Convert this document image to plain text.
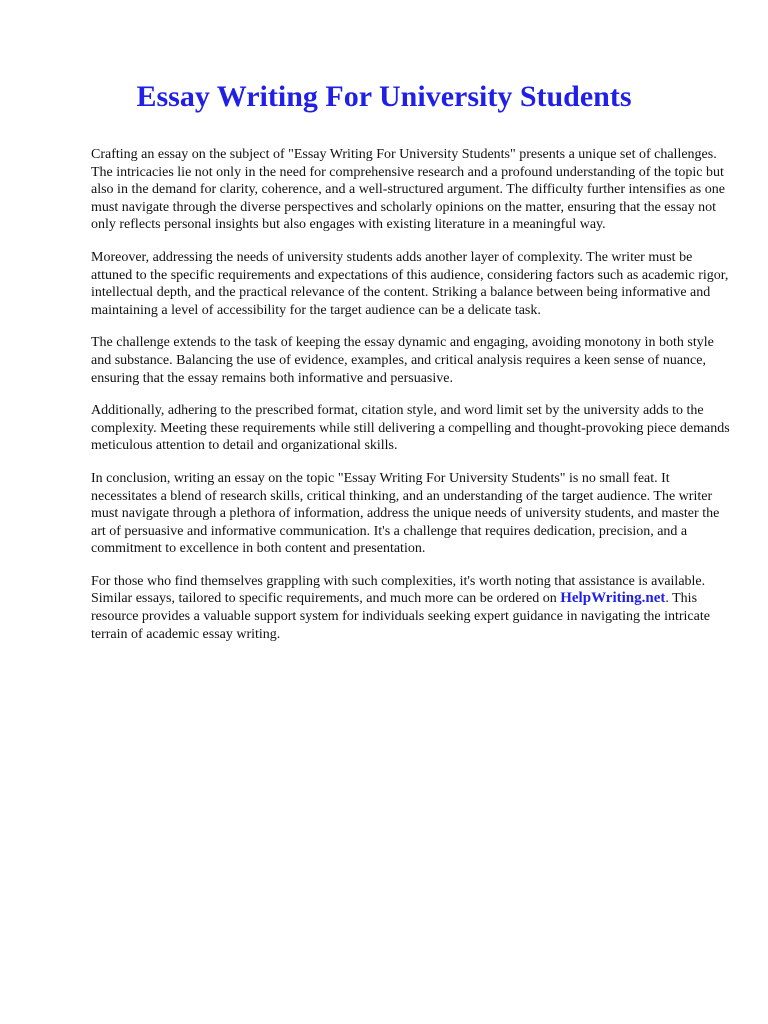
Essay Writing For University Students

Crafting an essay on the subject of "Essay Writing For University Students" presents a unique set of challenges. The intricacies lie not only in the need for comprehensive research and a profound understanding of the topic but also in the demand for clarity, coherence, and a well-structured argument. The difficulty further intensifies as one must navigate through the diverse perspectives and scholarly opinions on the matter, ensuring that the essay not only reflects personal insights but also engages with existing literature in a meaningful way.

Moreover, addressing the needs of university students adds another layer of complexity. The writer must be attuned to the specific requirements and expectations of this audience, considering factors such as academic rigor, intellectual depth, and the practical relevance of the content. Striking a balance between being informative and maintaining a level of accessibility for the target audience can be a delicate task.

The challenge extends to the task of keeping the essay dynamic and engaging, avoiding monotony in both style and substance. Balancing the use of evidence, examples, and critical analysis requires a keen sense of nuance, ensuring that the essay remains both informative and persuasive.

Additionally, adhering to the prescribed format, citation style, and word limit set by the university adds to the complexity. Meeting these requirements while still delivering a compelling and thought-provoking piece demands meticulous attention to detail and organizational skills.

In conclusion, writing an essay on the topic "Essay Writing For University Students" is no small feat. It necessitates a blend of research skills, critical thinking, and an understanding of the target audience. The writer must navigate through a plethora of information, address the unique needs of university students, and master the art of persuasive and informative communication. It's a challenge that requires dedication, precision, and a commitment to excellence in both content and presentation.

For those who find themselves grappling with such complexities, it's worth noting that assistance is available. Similar essays, tailored to specific requirements, and much more can be ordered on HelpWriting.net. This resource provides a valuable support system for individuals seeking expert guidance in navigating the intricate terrain of academic essay writing.
